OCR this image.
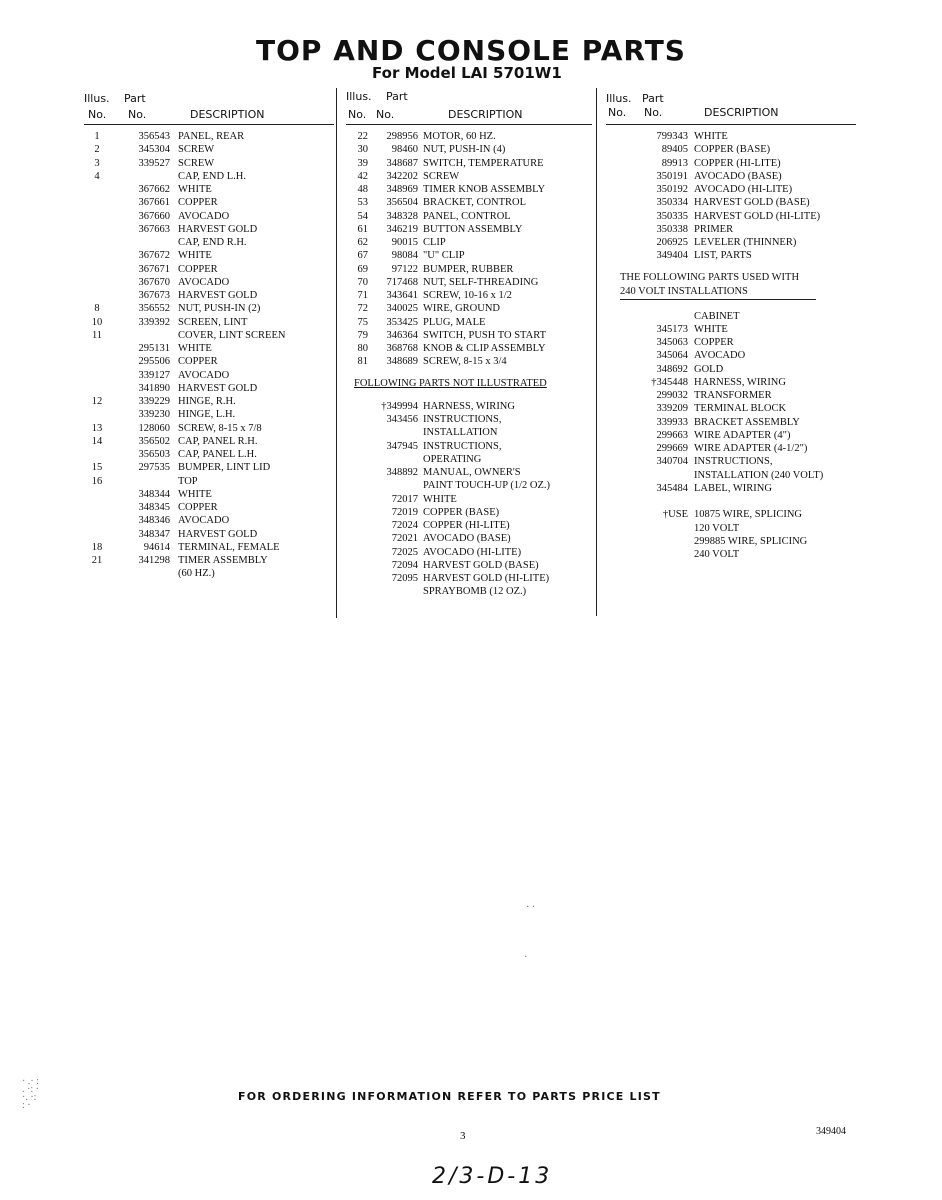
TOP AND CONSOLE PARTS
For Model LAI 5701W1
Illus. Part
No. No.	DESCRIPTION
1	356543 PANEL, REAR
2	345304 SCREW
3	339527 SCREW
4	CAP, END L.H.
367662 WHITE
367661 COPPER
367660 AVOCADO
367663 HARVEST GOLD
CAP, END R.H.
367672 WHITE
367671 COPPER
367670 AVOCADO
367673 HARVEST GOLD
8	356552 NUT, PUSH-IN (2)
10	339392 SCREEN, LINT
11	COVER, LINT SCREEN
295131 WHITE
295506 COPPER
339127 AVOCADO
341890 HARVEST GOLD
12	339229 HINGE, R.H.
339230 HINGE, L.H.
13	128060 SCREW, 8-15 x 7/8
14	356502 CAP, PANEL R.H.
356503 CAP, PANEL L.H.
15	297535 BUMPER, LINT LID
16	TOP
348344 WHITE
348345 COPPER
348346 AVOCADO
348347 HARVEST GOLD
18	94614 TERMINAL, FEMALE
21	341298 TIMER ASSEMBLY
(60 HZ.)
Illus. Part
No. No.	DESCRIPTION
22	298956 MOTOR, 60 HZ.
30	98460 NUT, PUSH-IN (4)
39	348687 SWITCH, TEMPERATURE
42	342202 SCREW
48	348969 TIMER KNOB ASSEMBLY
53	356504 BRACKET, CONTROL
54	348328 PANEL, CONTROL
61	346219 BUTTON ASSEMBLY
62	90015 CLIP
67	98084 "U" CLIP
69	97122 BUMPER, RUBBER
70	717468 NUT, SELF-THREADING
71	343641 SCREW, 10-16 x 1/2
72	340025 WIRE, GROUND
75	353425 PLUG, MALE
79	346364 SWITCH, PUSH TO START
80	368768 KNOB & CLIP ASSEMBLY
81	348689 SCREW, 8-15 x 3/4
FOLLOWING PARTS NOT ILLUSTRATED
†349994 HARNESS, WIRING
343456 INSTRUCTIONS,
INSTALLATION
347945 INSTRUCTIONS,
OPERATING
348892 MANUAL, OWNER'S
PAINT TOUCH-UP (1/2 OZ.)
72017 WHITE
72019 COPPER (BASE)
72024 COPPER (HI-LITE)
72021 AVOCADO (BASE)
72025 AVOCADO (HI-LITE)
72094 HARVEST GOLD (BASE)
72095 HARVEST GOLD (HI-LITE)
SPRAYBOMB (12 OZ.)
Illus. Part
No. No.	DESCRIPTION
799343 WHITE
89405 COPPER (BASE)
89913 COPPER (HI-LITE)
350191 AVOCADO (BASE)
350192 AVOCADO (HI-LITE)
350334 HARVEST GOLD (BASE)
350335 HARVEST GOLD (HI-LITE)
350338 PRIMER
206925 LEVELER (THINNER)
349404 LIST, PARTS
THE FOLLOWING PARTS USED WITH
240 VOLT INSTALLATIONS
CABINET
345173 WHITE
345063 COPPER
345064 AVOCADO
348692 GOLD
†345448 HARNESS, WIRING
299032 TRANSFORMER
339209 TERMINAL BLOCK
339933 BRACKET ASSEMBLY
299663 WIRE ADAPTER (4")
299669 WIRE ADAPTER (4-1/2")
340704 INSTRUCTIONS,
INSTALLATION (240 VOLT)
345484 LABEL, WIRING
†USE 10875 WIRE, SPLICING
120 VOLT
299885 WIRE, SPLICING
240 VOLT
FOR ORDERING INFORMATION REFER TO PARTS PRICE LIST
3	349404
2/3-D-13
· .· :
. ·: ·
·. ·:
: ·
· ·
·
